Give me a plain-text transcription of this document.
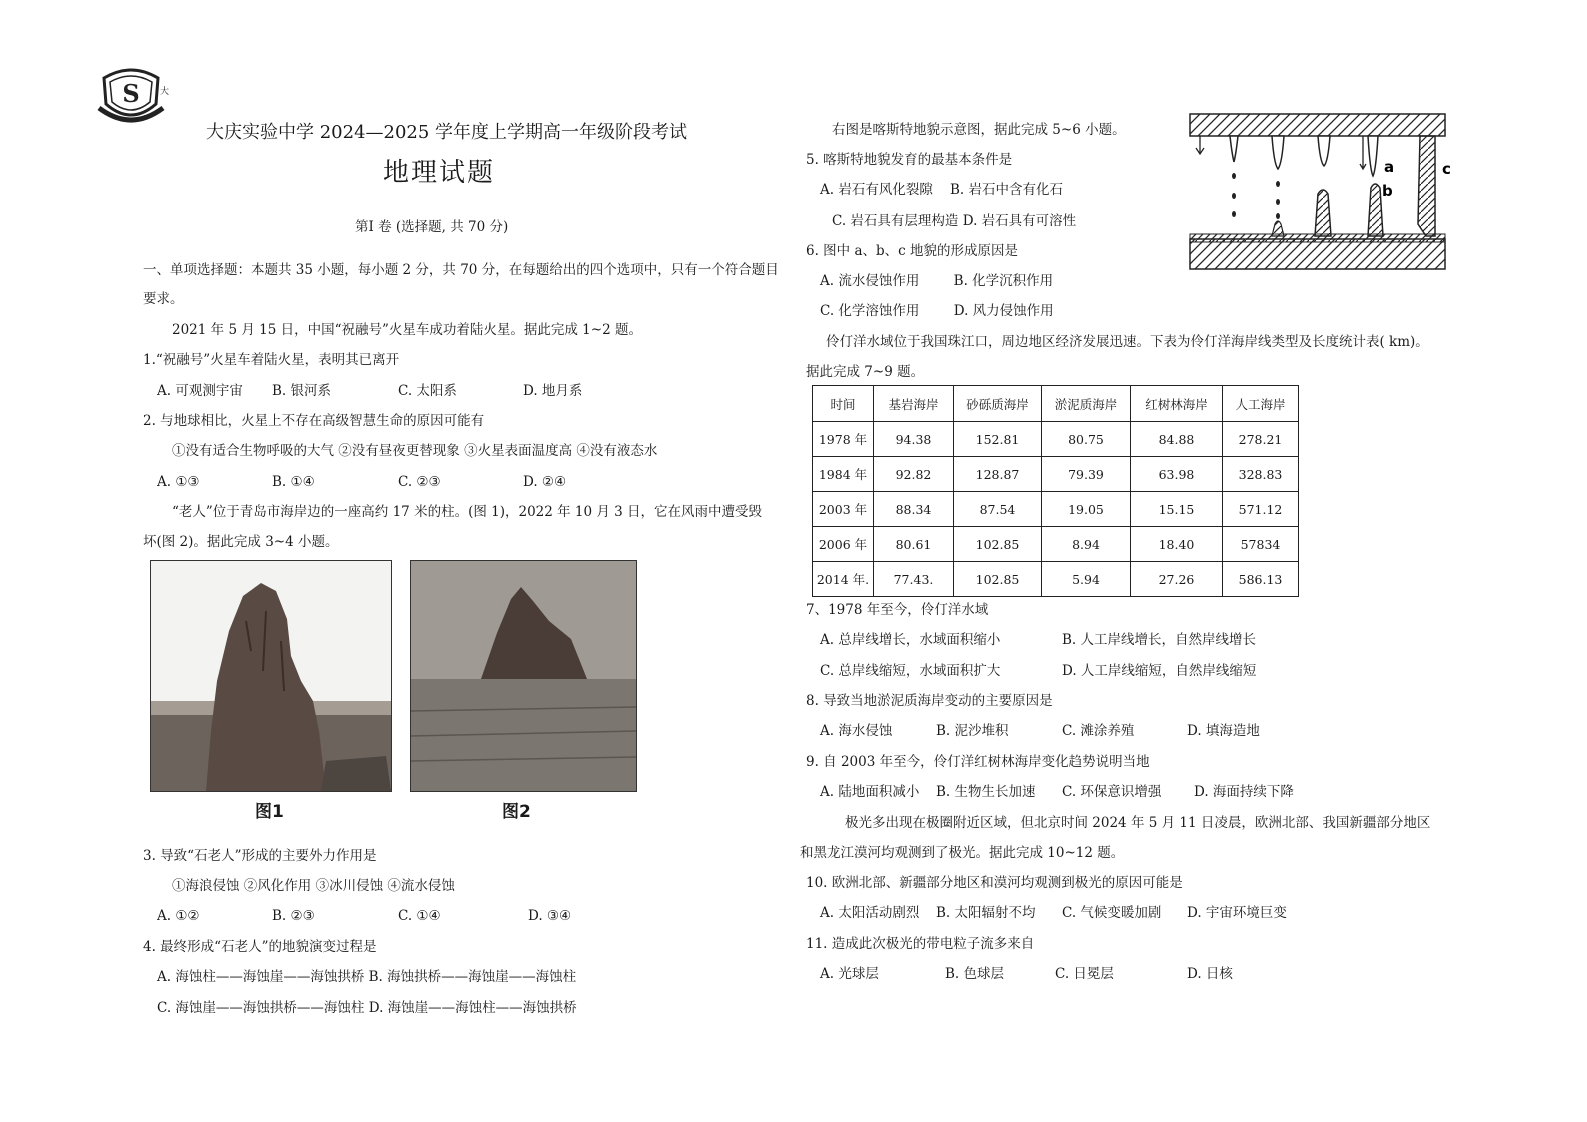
S 大
大庆实验中学 2024—2025 学年度上学期高一年级阶段考试
地理试题
第Ⅰ 卷 (选择题, 共 70 分)
一、单项选择题：本题共 35 小题，每小题 2 分，共 70 分，在每题给出的四个选项中，只有一个符合题目
要求。
2021 年 5 月 15 日，中国“祝融号”火星车成功着陆火星。据此完成 1~2 题。
1.“祝融号”火星车着陆火星，表明其已离开
A. 可观测宇宙 B. 银河系	C. 太阳系	D. 地月系
2. 与地球相比，火星上不存在高级智慧生命的原因可能有
①没有适合生物呼吸的大气 ②没有昼夜更替现象 ③火星表面温度高 ④没有液态水
A. ①③	B. ①④	C. ②③	D. ②④
“老人”位于青岛市海岸边的一座高约 17 米的柱。(图 1)，2022 年 10 月 3 日，它在风雨中遭受毁
坏(图 2)。据此完成 3~4 小题。
图1	图2
3. 导致“石老人”形成的主要外力作用是
①海浪侵蚀 ②风化作用 ③冰川侵蚀 ④流水侵蚀
A. ①②	B. ②③	C. ①④	D. ③④
4. 最终形成“石老人”的地貌演变过程是
A. 海蚀柱——海蚀崖——海蚀拱桥 B. 海蚀拱桥——海蚀崖——海蚀柱
C. 海蚀崖——海蚀拱桥——海蚀柱 D. 海蚀崖——海蚀柱——海蚀拱桥
右图是喀斯特地貌示意图，据此完成 5~6 小题。
a
b
c
5. 喀斯特地貌发育的最基本条件是
A. 岩石有风化裂隙    B. 岩石中含有化石
C. 岩石具有层理构造 D. 岩石具有可溶性
6. 图中 a、b、c 地貌的形成原因是
A. 流水侵蚀作用        B. 化学沉积作用
C. 化学溶蚀作用        D. 风力侵蚀作用
伶仃洋水域位于我国珠江口，周边地区经济发展迅速。下表为伶仃洋海岸线类型及长度统计表( km)。
据此完成 7~9 题。
时间	基岩海岸	砂砾质海岸	淤泥质海岸	红树林海岸	人工海岸
1978 年	94.38	152.81	80.75	84.88	278.21
1984 年	92.82	128.87	79.39	63.98	328.83
2003 年	88.34	87.54	19.05	15.15	571.12
2006 年	80.61	102.85	8.94	18.40	57834
2014 年.	77.43.	102.85	5.94	27.26	586.13
7、1978 年至今，伶仃洋水域
A. 总岸线增长，水域面积缩小	B. 人工岸线增长，自然岸线增长
C. 总岸线缩短，水域面积扩大	D. 人工岸线缩短，自然岸线缩短
8. 导致当地淤泥质海岸变动的主要原因是
A. 海水侵蚀	B. 泥沙堆积	C. 滩涂养殖	D. 填海造地
9. 自 2003 年至今，伶仃洋红树林海岸变化趋势说明当地
A. 陆地面积减小 B. 生物生长加速 C. 环保意识增强 D. 海面持续下降
极光多出现在极圈附近区域，但北京时间 2024 年 5 月 11 日凌晨，欧洲北部、我国新疆部分地区
和黑龙江漠河均观测到了极光。据此完成 10~12 题。
10. 欧洲北部、新疆部分地区和漠河均观测到极光的原因可能是
A. 太阳活动剧烈 B. 太阳辐射不均 C. 气候变暖加剧 D. 宇宙环境巨变
11. 造成此次极光的带电粒子流多来自
A. 光球层	B. 色球层	C. 日冕层	D. 日核
